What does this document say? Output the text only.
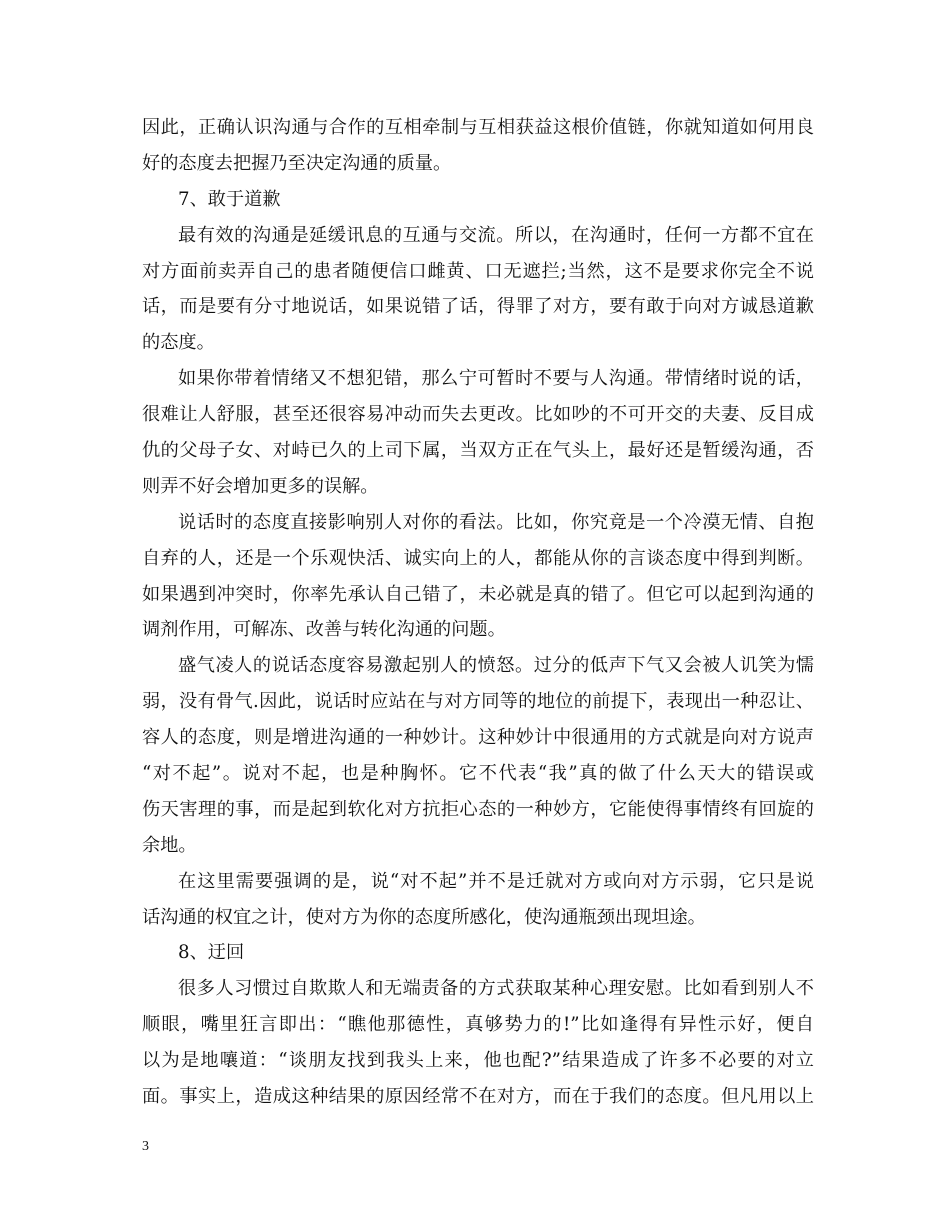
因此，正确认识沟通与合作的互相牵制与互相获益这根价值链，你就知道如何用良
好的态度去把握乃至决定沟通的质量。
7、敢于道歉
最有效的沟通是延缓讯息的互通与交流。所以，在沟通时，任何一方都不宜在
对方面前卖弄自己的患者随便信口雌黄、口无遮拦;当然，这不是要求你完全不说
话，而是要有分寸地说话，如果说错了话，得罪了对方，要有敢于向对方诚恳道歉
的态度。
如果你带着情绪又不想犯错，那么宁可暂时不要与人沟通。带情绪时说的话，
很难让人舒服，甚至还很容易冲动而失去更改。比如吵的不可开交的夫妻、反目成
仇的父母子女、对峙已久的上司下属，当双方正在气头上，最好还是暂缓沟通，否
则弄不好会增加更多的误解。
说话时的态度直接影响别人对你的看法。比如，你究竟是一个冷漠无情、自抱
自弃的人，还是一个乐观快活、诚实向上的人，都能从你的言谈态度中得到判断。
如果遇到冲突时，你率先承认自己错了，未必就是真的错了。但它可以起到沟通的
调剂作用，可解冻、改善与转化沟通的问题。
盛气凌人的说话态度容易激起别人的愤怒。过分的低声下气又会被人讥笑为懦
弱，没有骨气.因此，说话时应站在与对方同等的地位的前提下，表现出一种忍让、
容人的态度，则是增进沟通的一种妙计。这种妙计中很通用的方式就是向对方说声
“对不起”。说对不起，也是种胸怀。它不代表“我”真的做了什么天大的错误或
伤天害理的事，而是起到软化对方抗拒心态的一种妙方，它能使得事情终有回旋的
余地。
在这里需要强调的是，说“对不起”并不是迁就对方或向对方示弱，它只是说
话沟通的权宜之计，使对方为你的态度所感化，使沟通瓶颈出现坦途。
8、迂回
很多人习惯过自欺欺人和无端责备的方式获取某种心理安慰。比如看到别人不
顺眼，嘴里狂言即出：“瞧他那德性，真够势力的!”比如逢得有异性示好，便自
以为是地嚷道：“谈朋友找到我头上来，他也配?”结果造成了许多不必要的对立
面。事实上，造成这种结果的原因经常不在对方，而在于我们的态度。但凡用以上
3
